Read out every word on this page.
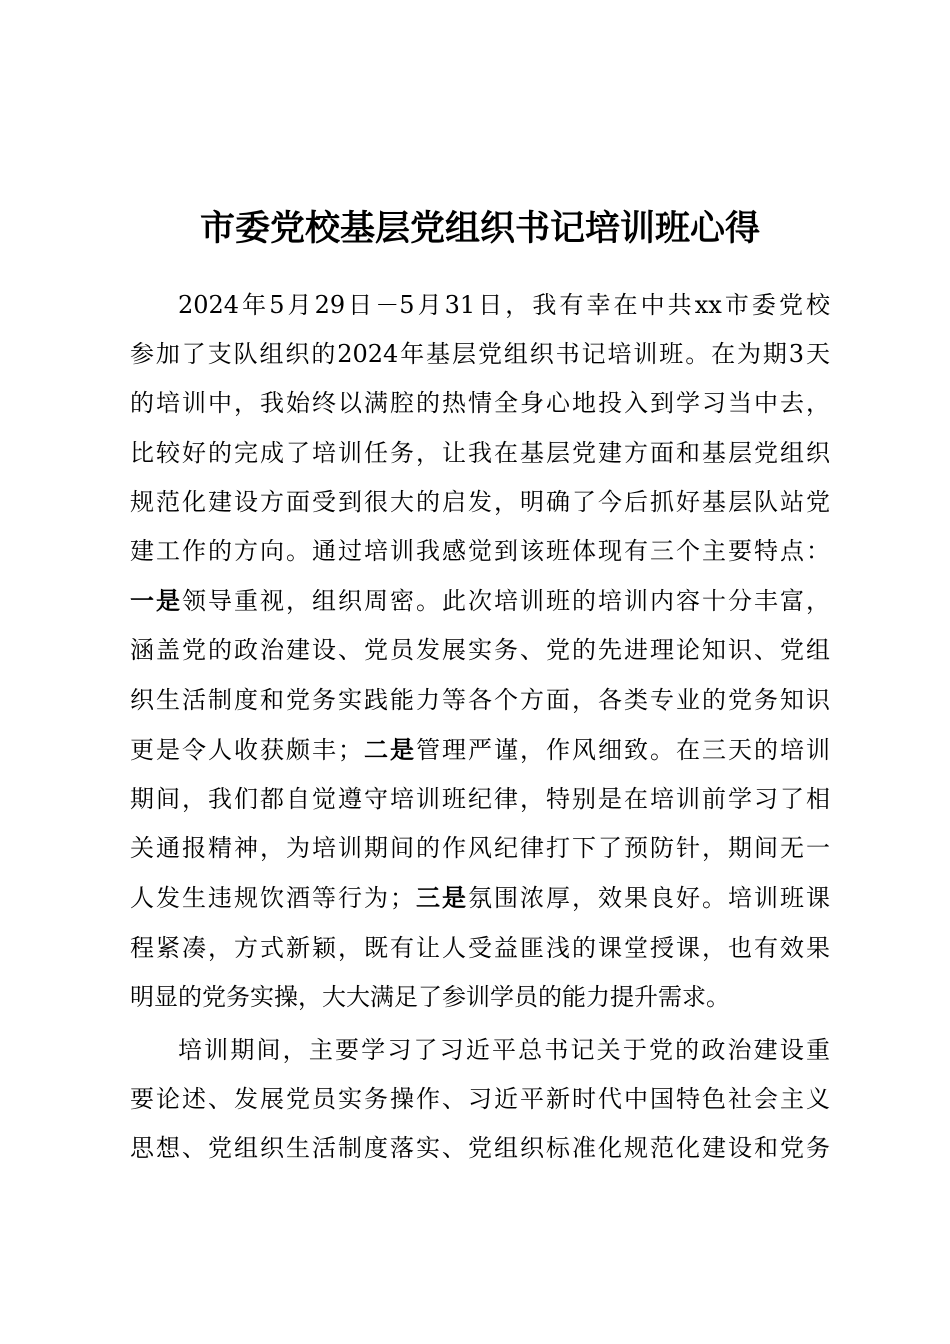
市委党校基层党组织书记培训班心得
2024年5月29日－5月31日，我有幸在中共xx市委党校
参加了支队组织的2024年基层党组织书记培训班。在为期3天
的培训中，我始终以满腔的热情全身心地投入到学习当中去，
比较好的完成了培训任务，让我在基层党建方面和基层党组织
规范化建设方面受到很大的启发，明确了今后抓好基层队站党
建工作的方向。通过培训我感觉到该班体现有三个主要特点：
一是领导重视，组织周密。此次培训班的培训内容十分丰富，
涵盖党的政治建设、党员发展实务、党的先进理论知识、党组
织生活制度和党务实践能力等各个方面，各类专业的党务知识
更是令人收获颇丰；二是管理严谨，作风细致。在三天的培训
期间，我们都自觉遵守培训班纪律，特别是在培训前学习了相
关通报精神，为培训期间的作风纪律打下了预防针，期间无一
人发生违规饮酒等行为；三是氛围浓厚，效果良好。培训班课
程紧凑，方式新颖，既有让人受益匪浅的课堂授课，也有效果
明显的党务实操，大大满足了参训学员的能力提升需求。
培训期间，主要学习了习近平总书记关于党的政治建设重
要论述、发展党员实务操作、习近平新时代中国特色社会主义
思想、党组织生活制度落实、党组织标准化规范化建设和党务
